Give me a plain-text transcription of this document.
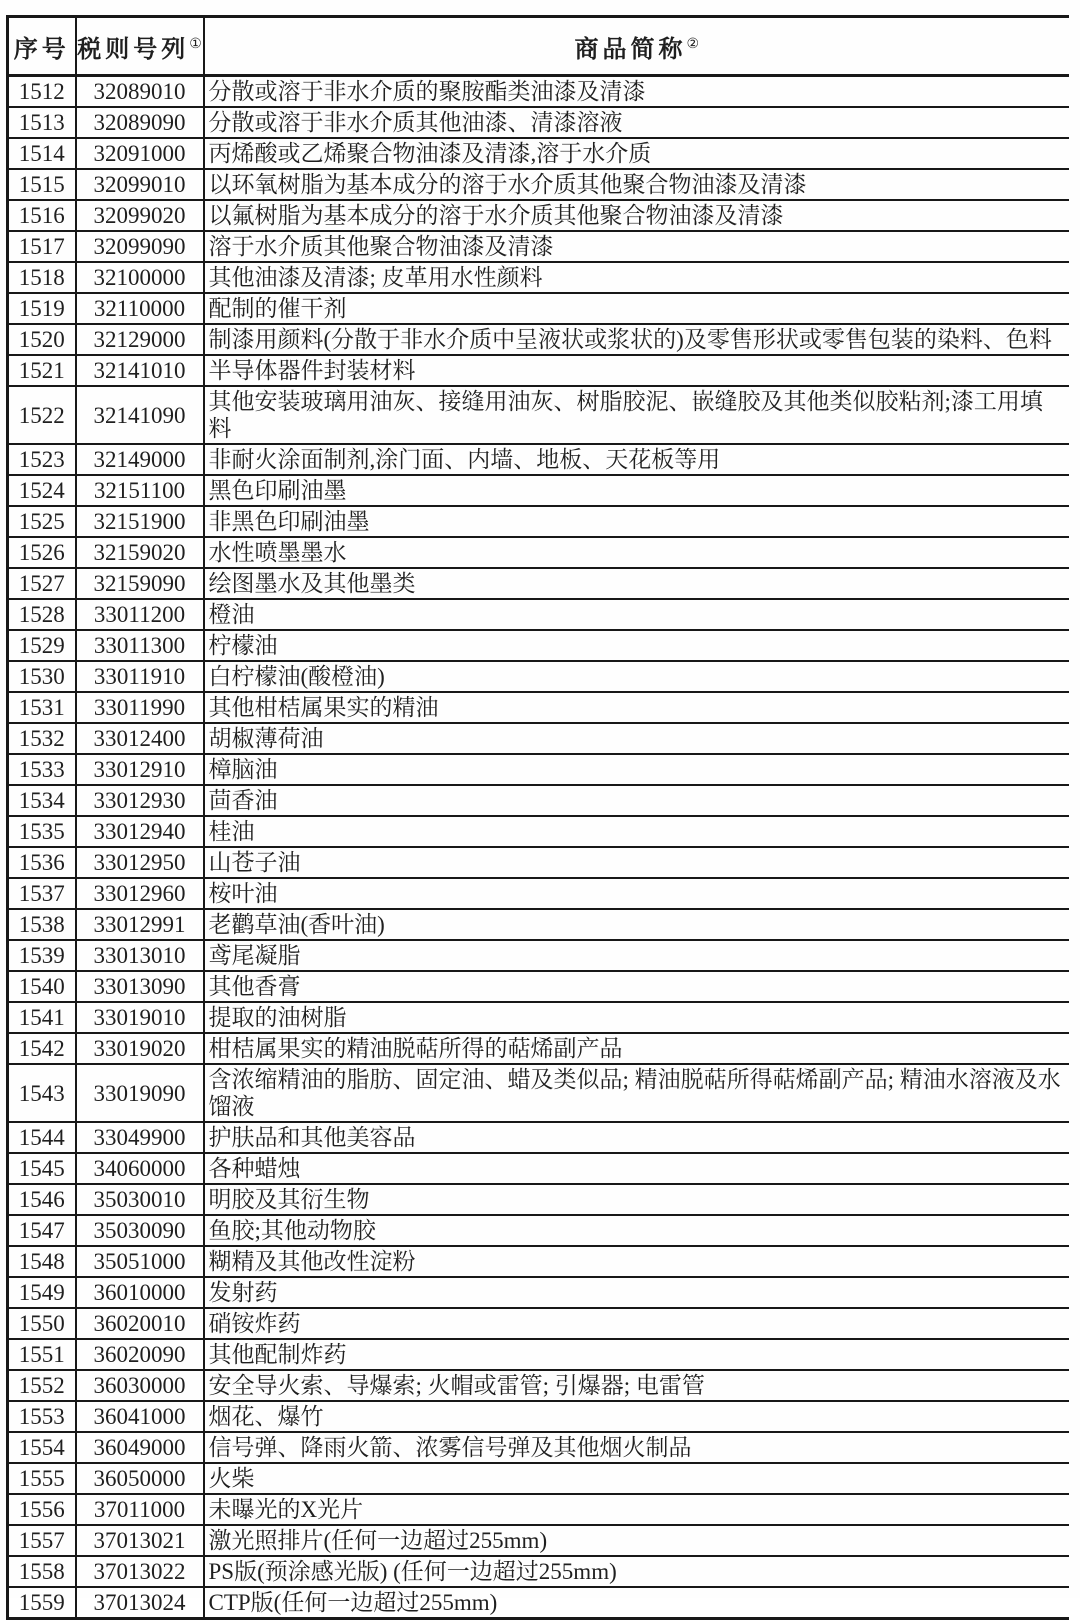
序号	税则号列①	商品简称②
1512	32089010	分散或溶于非水介质的聚胺酯类油漆及清漆
1513	32089090	分散或溶于非水介质其他油漆、清漆溶液
1514	32091000	丙烯酸或乙烯聚合物油漆及清漆,溶于水介质
1515	32099010	以环氧树脂为基本成分的溶于水介质其他聚合物油漆及清漆
1516	32099020	以氟树脂为基本成分的溶于水介质其他聚合物油漆及清漆
1517	32099090	溶于水介质其他聚合物油漆及清漆
1518	32100000	其他油漆及清漆; 皮革用水性颜料
1519	32110000	配制的催干剂
1520	32129000	制漆用颜料(分散于非水介质中呈液状或浆状的)及零售形状或零售包装的染料、色料
1521	32141010	半导体器件封装材料
1522	32141090	其他安装玻璃用油灰、接缝用油灰、树脂胶泥、嵌缝胶及其他类似胶粘剂;漆工用填料
1523	32149000	非耐火涂面制剂,涂门面、内墙、地板、天花板等用
1524	32151100	黑色印刷油墨
1525	32151900	非黑色印刷油墨
1526	32159020	水性喷墨墨水
1527	32159090	绘图墨水及其他墨类
1528	33011200	橙油
1529	33011300	柠檬油
1530	33011910	白柠檬油(酸橙油)
1531	33011990	其他柑桔属果实的精油
1532	33012400	胡椒薄荷油
1533	33012910	樟脑油
1534	33012930	茴香油
1535	33012940	桂油
1536	33012950	山苍子油
1537	33012960	桉叶油
1538	33012991	老鹳草油(香叶油)
1539	33013010	鸢尾凝脂
1540	33013090	其他香膏
1541	33019010	提取的油树脂
1542	33019020	柑桔属果实的精油脱萜所得的萜烯副产品
1543	33019090	含浓缩精油的脂肪、固定油、蜡及类似品; 精油脱萜所得萜烯副产品; 精油水溶液及水馏液
1544	33049900	护肤品和其他美容品
1545	34060000	各种蜡烛
1546	35030010	明胶及其衍生物
1547	35030090	鱼胶;其他动物胶
1548	35051000	糊精及其他改性淀粉
1549	36010000	发射药
1550	36020010	硝铵炸药
1551	36020090	其他配制炸药
1552	36030000	安全导火索、导爆索; 火帽或雷管; 引爆器; 电雷管
1553	36041000	烟花、爆竹
1554	36049000	信号弹、降雨火箭、浓雾信号弹及其他烟火制品
1555	36050000	火柴
1556	37011000	未曝光的X光片
1557	37013021	激光照排片(任何一边超过255mm)
1558	37013022	PS版(预涂感光版) (任何一边超过255mm)
1559	37013024	CTP版(任何一边超过255mm)
